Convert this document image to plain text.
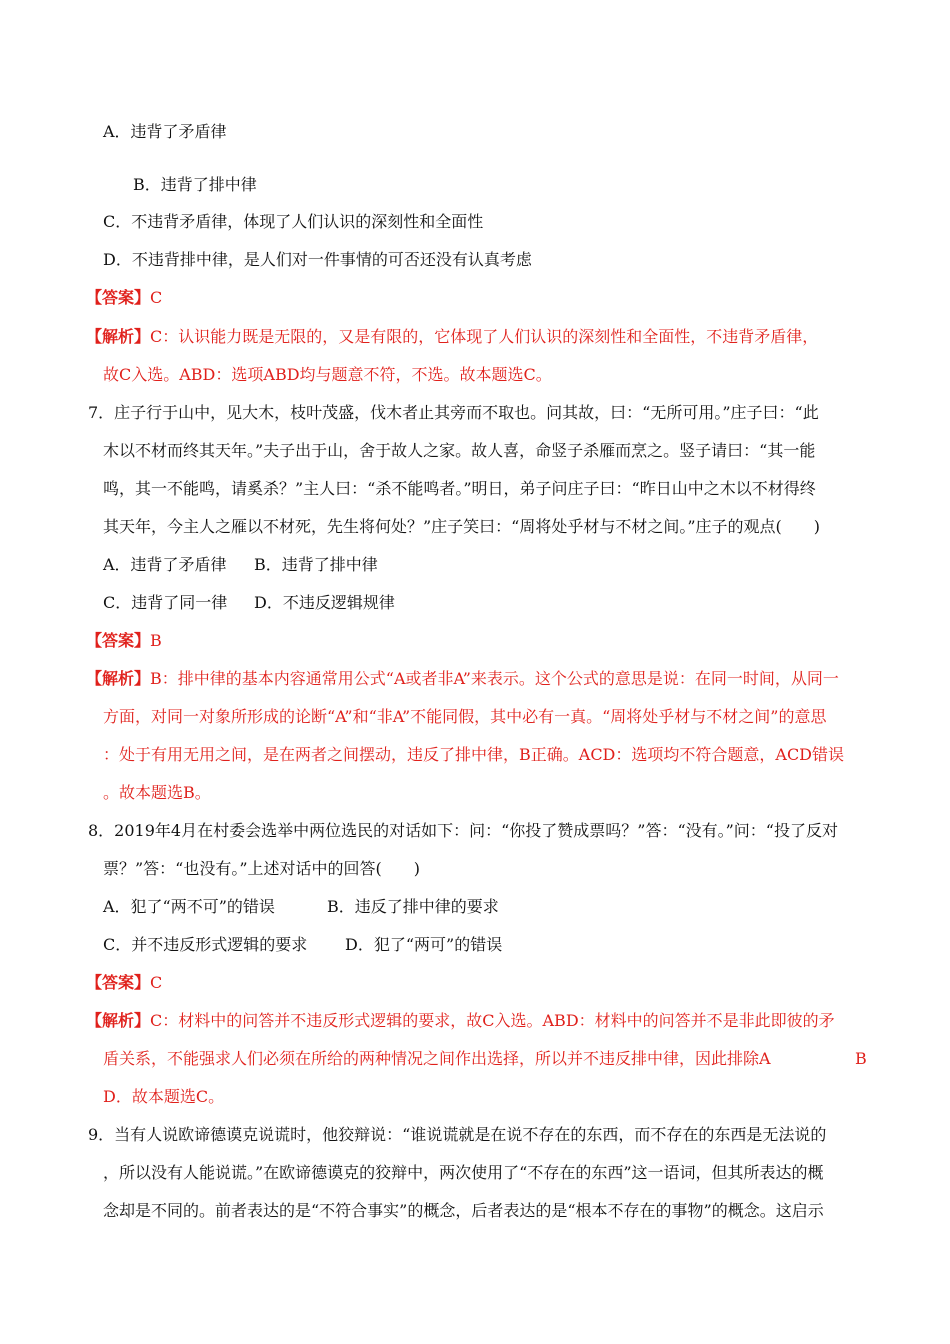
A．违背了矛盾律
B．违背了排中律
C．不违背矛盾律，体现了人们认识的深刻性和全面性
D．不违背排中律，是人们对一件事情的可否还没有认真考虑
【答案】C
【解析】C：认识能力既是无限的，又是有限的，它体现了人们认识的深刻性和全面性，不违背矛盾律，
故C入选。ABD：选项ABD均与题意不符，不选。故本题选C。
7．庄子行于山中，见大木，枝叶茂盛，伐木者止其旁而不取也。问其故，曰：“无所可用。”庄子曰：“此
木以不材而终其天年。”夫子出于山，舍于故人之家。故人喜，命竖子杀雁而烹之。竖子请曰：“其一能
鸣，其一不能鸣，请奚杀？”主人曰：“杀不能鸣者。”明日，弟子问庄子曰：“昨日山中之木以不材得终
其天年，今主人之雁以不材死，先生将何处？”庄子笑曰：“周将处乎材与不材之间。”庄子的观点(　　)
A．违背了矛盾律 B．违背了排中律
C．违背了同一律 D．不违反逻辑规律
【答案】B
【解析】B：排中律的基本内容通常用公式“A或者非A”来表示。这个公式的意思是说：在同一时间，从同一
方面，对同一对象所形成的论断“A”和“非A”不能同假，其中必有一真。“周将处乎材与不材之间”的意思
：处于有用无用之间，是在两者之间摆动，违反了排中律，B正确。ACD：选项均不符合题意，ACD错误
。故本题选B。
8．2019年4月在村委会选举中两位选民的对话如下：问：“你投了赞成票吗？”答：“没有。”问：“投了反对
票？”答：“也没有。”上述对话中的回答(　　)
A．犯了“两不可”的错误	B．违反了排中律的要求
C．并不违反形式逻辑的要求 D．犯了“两可”的错误
【答案】C
【解析】C：材料中的问答并不违反形式逻辑的要求，故C入选。ABD：材料中的问答并不是非此即彼的矛
盾关系，不能强求人们必须在所给的两种情况之间作出选择，所以并不违反排中律，因此排除A	B
D．故本题选C。
9．当有人说欧谛德谟克说谎时，他狡辩说：“谁说谎就是在说不存在的东西，而不存在的东西是无法说的
，所以没有人能说谎。”在欧谛德谟克的狡辩中，两次使用了“不存在的东西”这一语词，但其所表达的概
念却是不同的。前者表达的是“不符合事实”的概念，后者表达的是“根本不存在的事物”的概念。这启示
